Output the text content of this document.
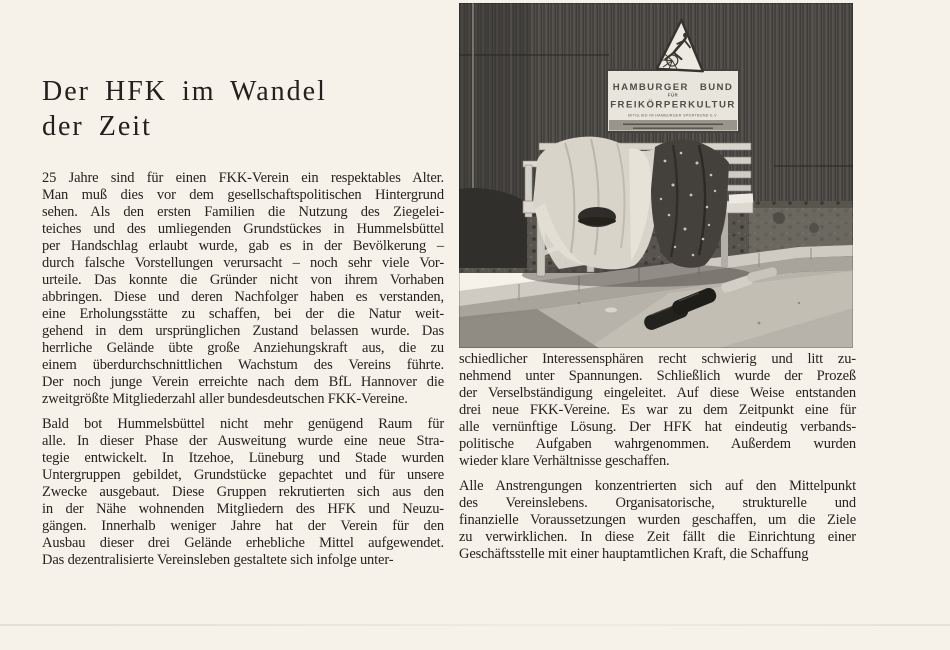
Der HFK im Wandel
der Zeit
25 Jahre sind für einen FKK-Verein ein respektables Alter.
Man muß dies vor dem gesellschaftspolitischen Hintergrund
sehen. Als den ersten Familien die Nutzung des Ziegelei-
teiches und des umliegenden Grundstückes in Hummelsbüttel
per Handschlag erlaubt wurde, gab es in der Bevölkerung –
durch falsche Vorstellungen verursacht – noch sehr viele Vor-
urteile. Das konnte die Gründer nicht von ihrem Vorhaben
abbringen. Diese und deren Nachfolger haben es verstanden,
eine Erholungsstätte zu schaffen, bei der die Natur weit-
gehend in dem ursprünglichen Zustand belassen wurde. Das
herrliche Gelände übte große Anziehungskraft aus, die zu
einem überdurchschnittlichen Wachstum des Vereins führte.
Der noch junge Verein erreichte nach dem BfL Hannover die
zweitgrößte Mitgliederzahl aller bundesdeutschen FKK-Vereine.
Bald bot Hummelsbüttel nicht mehr genügend Raum für
alle. In dieser Phase der Ausweitung wurde eine neue Stra-
tegie entwickelt. In Itzehoe, Lüneburg und Stade wurden
Untergruppen gebildet, Grundstücke gepachtet und für unsere
Zwecke ausgebaut. Diese Gruppen rekrutierten sich aus den
in der Nähe wohnenden Mitgliedern des HFK und Neuzu-
gängen. Innerhalb weniger Jahre hat der Verein für den
Ausbau dieser drei Gelände erhebliche Mittel aufgewendet.
Das dezentralisierte Vereinsleben gestaltete sich infolge unter-
schiedlicher Interessensphären recht schwierig und litt zu-
nehmend unter Spannungen. Schließlich wurde der Prozeß
der Verselbständigung eingeleitet. Auf diese Weise entstanden
drei neue FKK-Vereine. Es war zu dem Zeitpunkt eine für
alle vernünftige Lösung. Der HFK hat eindeutig verbands-
politische Aufgaben wahrgenommen. Außerdem wurden
wieder klare Verhältnisse geschaffen.
Alle Anstrengungen konzentrierten sich auf den Mittelpunkt
des Vereinslebens. Organisatorische, strukturelle und
finanzielle Voraussetzungen wurden geschaffen, um die Ziele
zu verwirklichen. In diese Zeit fällt die Einrichtung einer
Geschäftsstelle mit einer hauptamtlichen Kraft, die Schaffung
HAMBURGER BUND
FÜR
FREIKÖRPERKULTUR
MITGLIED IM HAMBURGER SPORTBUND E.V.
